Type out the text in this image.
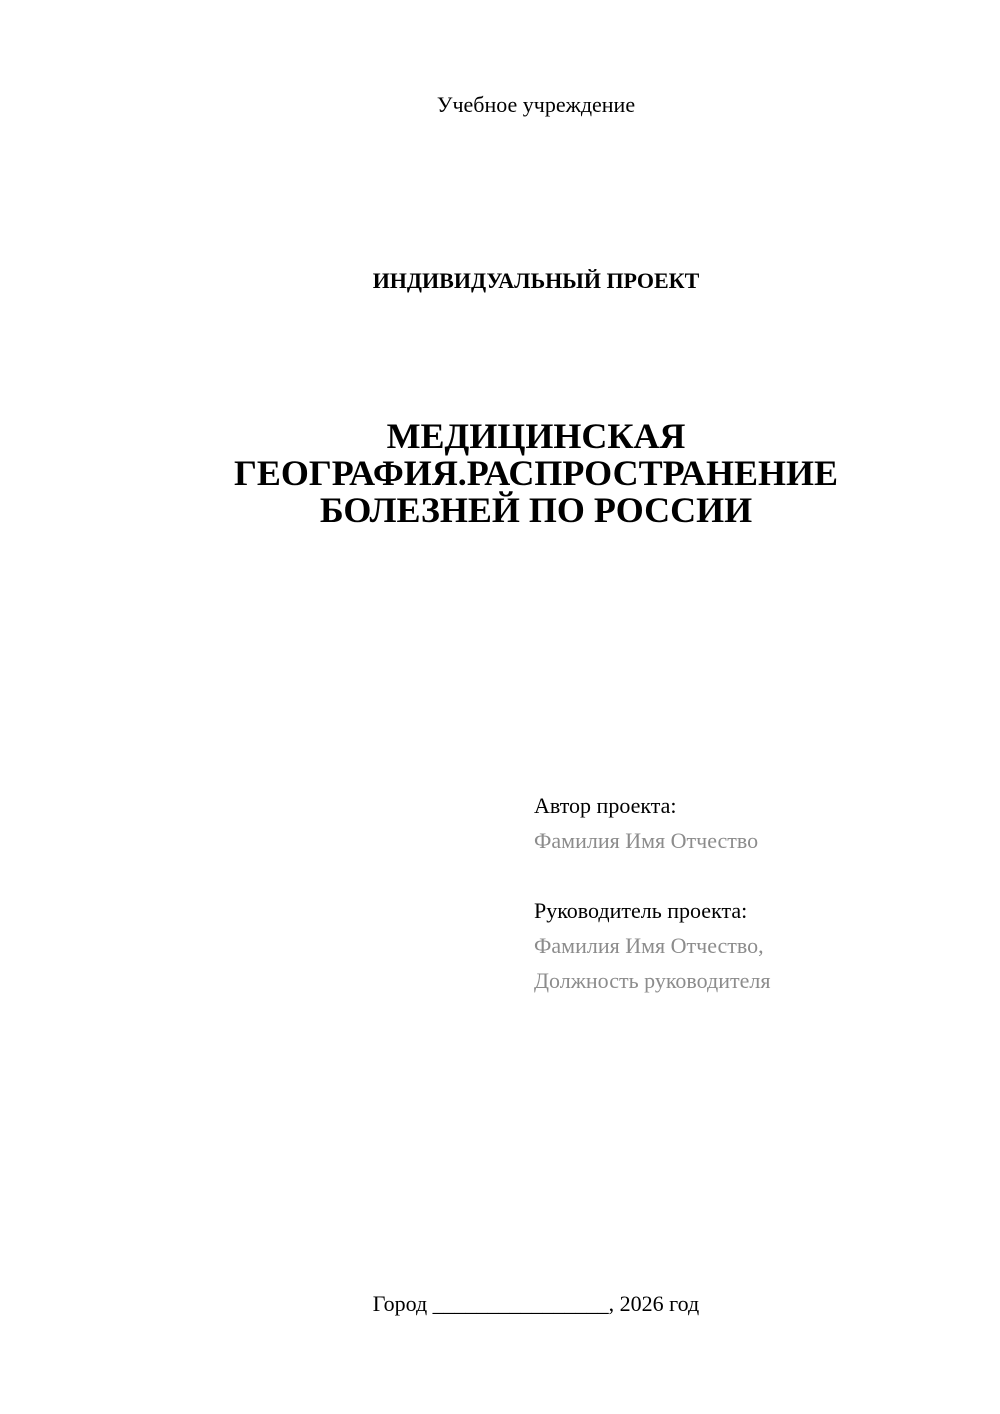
Учебное учреждение
ИНДИВИДУАЛЬНЫЙ ПРОЕКТ
МЕДИЦИНСКАЯ
ГЕОГРАФИЯ.РАСПРОСТРАНЕНИЕ
БОЛЕЗНЕЙ ПО РОССИИ
Автор проекта:
Фамилия Имя Отчество
Руководитель проекта:
Фамилия Имя Отчество,
Должность руководителя
Город ________________, 2026 год
